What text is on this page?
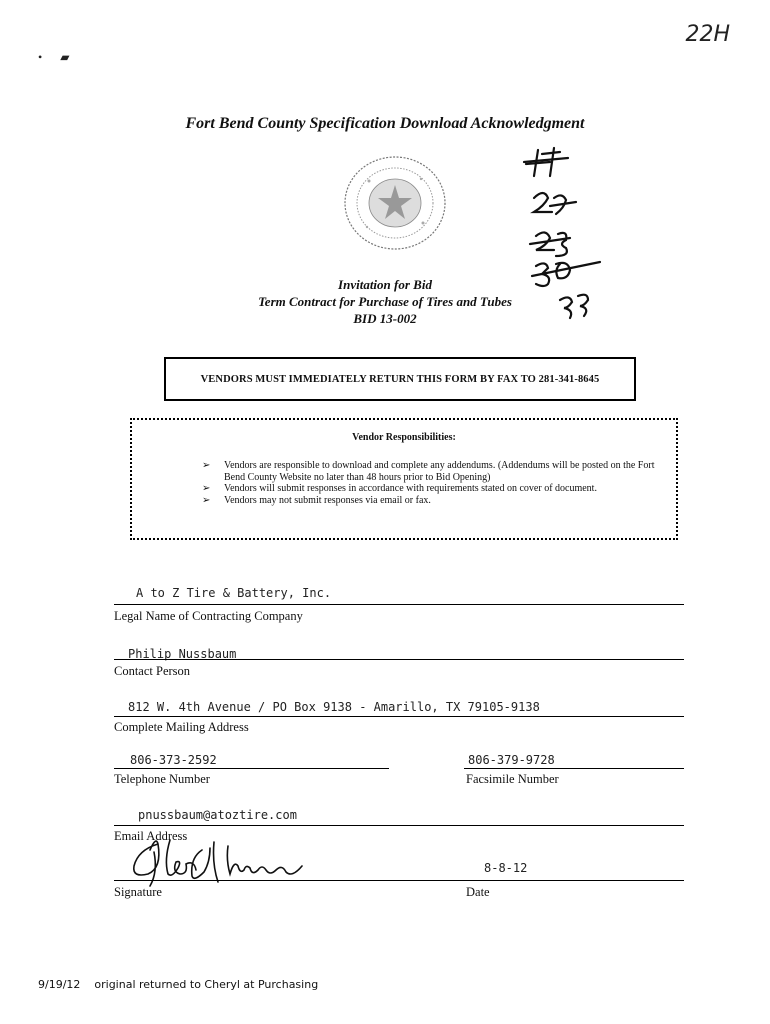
22H
•      ▰
Fort Bend County Specification Download Acknowledgment
Invitation for Bid
Term Contract for Purchase of Tires and Tubes
BID 13-002
VENDORS MUST IMMEDIATELY RETURN THIS FORM BY FAX TO 281-341-8645
Vendor Responsibilities:
➢ Vendors are responsible to download and complete any addendums. (Addendums will be posted on the Fort Bend County Website no later than 48 hours prior to Bid Opening)
➢ Vendors will submit responses in accordance with requirements stated on cover of document.
➢ Vendors may not submit responses via email or fax.
A to Z Tire & Battery, Inc.
Legal Name of Contracting Company
Philip Nussbaum
Contact Person
812 W. 4th Avenue / PO Box 9138 - Amarillo, TX 79105-9138
Complete Mailing Address
806-373-2592
Telephone Number
806-379-9728
Facsimile Number
pnussbaum@atoztire.com
Email Address
8-8-12
Signature	Date
9/19/12    original returned to Cheryl at Purchasing
